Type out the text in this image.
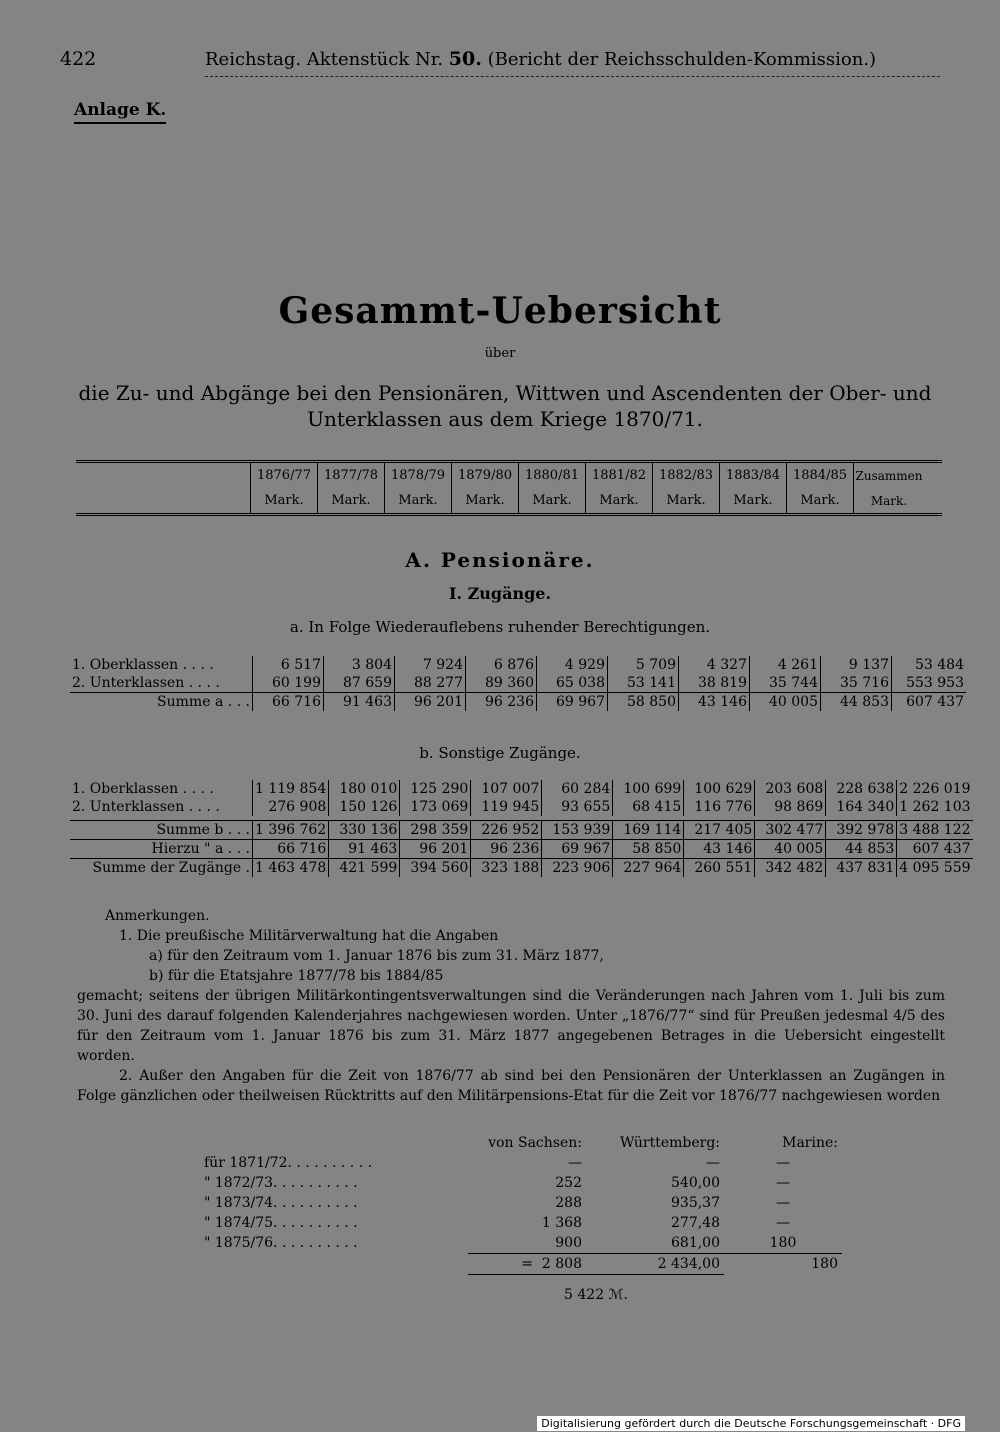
422	Reichstag. Aktenstück Nr. 50. (Bericht der Reichsschulden-Kommission.)
Anlage K.
Gesammt-Uebersicht
über
die Zu- und Abgänge bei den Pensionären, Wittwen und Ascendenten der Ober- und Unterklassen aus dem Kriege 1870/71.
1876/77	1877/78	1878/79	1879/80	1880/81	1881/82	1882/83	1883/84	1884/85	Zusammen
Mark.	Mark.	Mark.	Mark.	Mark.	Mark.	Mark.	Mark.	Mark.	Mark.
A. Pensionäre.
I. Zugänge.
a. In Folge Wiederauflebens ruhender Berechtigungen.
1. Oberklassen . . . .	6 517	3 804	7 924	6 876	4 929	5 709	4 327	4 261	9 137	53 484
2. Unterklassen . . . .	60 199	87 659	88 277	89 360	65 038	53 141	38 819	35 744	35 716	553 953
Summe a . . .	66 716	91 463	96 201	96 236	69 967	58 850	43 146	40 005	44 853	607 437
b. Sonstige Zugänge.
1. Oberklassen . . . .	1 119 854	180 010	125 290	107 007	60 284	100 699	100 629	203 608	228 638	2 226 019
2. Unterklassen . . . .	276 908	150 126	173 069	119 945	93 655	68 415	116 776	98 869	164 340	1 262 103

Summe b . . .	1 396 762	330 136	298 359	226 952	153 939	169 114	217 405	302 477	392 978	3 488 122
Hierzu " a . . .	66 716	91 463	96 201	96 236	69 967	58 850	43 146	40 005	44 853	607 437
Summe der Zugänge .	1 463 478	421 599	394 560	323 188	223 906	227 964	260 551	342 482	437 831	4 095 559

Anmerkungen.

1. Die preußische Militärverwaltung hat die Angaben

a) für den Zeitraum vom 1. Januar 1876 bis zum 31. März 1877,

b) für die Etatsjahre 1877/78 bis 1884/85

gemacht; seitens der übrigen Militärkontingentsverwaltungen sind die Veränderungen nach Jahren vom 1. Juli bis zum 30. Juni des darauf folgenden Kalenderjahres nachgewiesen worden. Unter „1876/77“ sind für Preußen jedesmal 4/5 des für den Zeitraum vom 1. Januar 1876 bis zum 31. März 1877 angegebenen Betrages in die Uebersicht eingestellt worden.

2. Außer den Angaben für die Zeit von 1876/77 ab sind bei den Pensionären der Unterklassen an Zugängen in Folge gänzlichen oder theilweisen Rücktritts auf den Militärpensions-Etat für die Zeit vor 1876/77 nachgewiesen worden

	von Sachsen:	Württemberg:	Marine:
für 1871/72. . . . . . . . . .	—	—	—
" 1872/73. . . . . . . . . .	252	540,00	—
" 1873/74. . . . . . . . . .	288	935,37	—
" 1874/75. . . . . . . . . .	1 368	277,48	—
" 1875/76. . . . . . . . . .	900	681,00	180
	= 2 808	2 434,00	180
	5 422 ℳ.		
Digitalisierung gefördert durch die Deutsche Forschungsgemeinschaft · DFG
